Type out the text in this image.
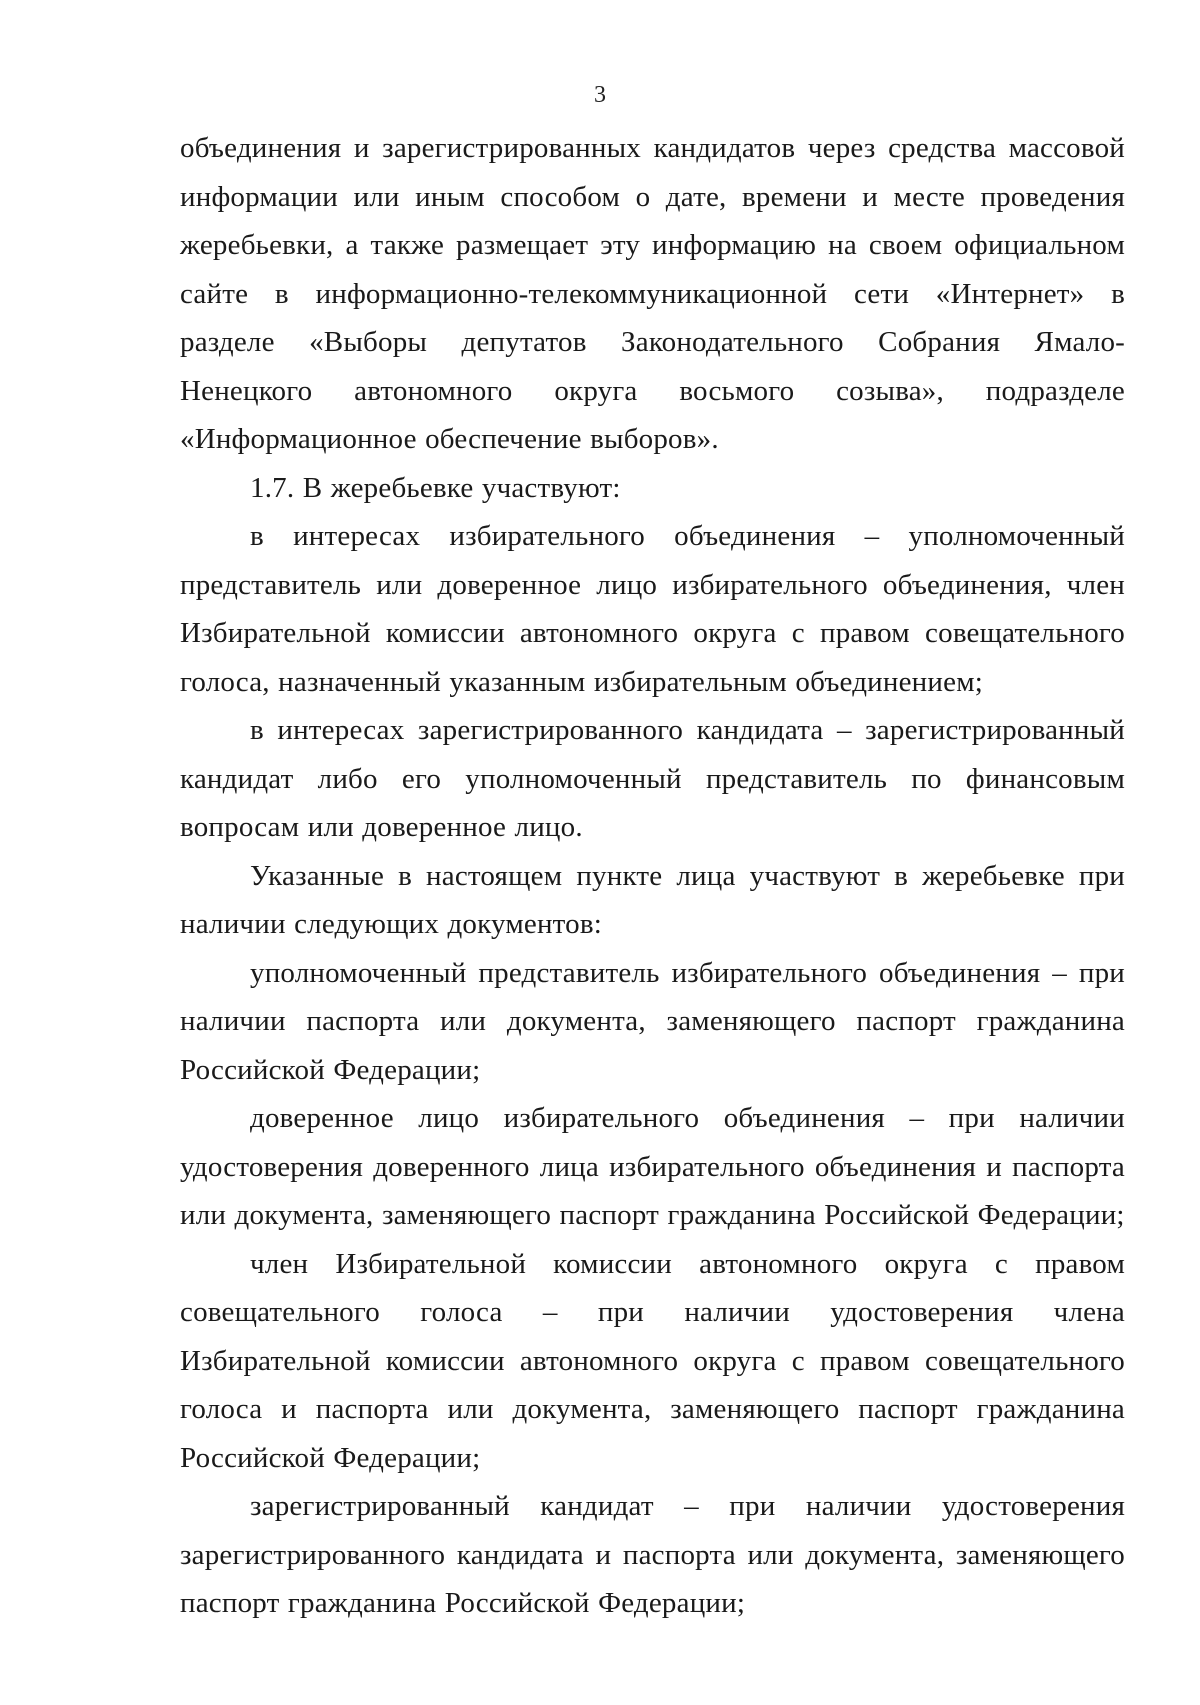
3

объединения и зарегистрированных кандидатов через средства массовой информации или иным способом о дате, времени и месте проведения жеребьевки, а также размещает эту информацию на своем официальном сайте в информационно-телекоммуникационной сети «Интернет» в разделе «Выборы депутатов Законодательного Собрания Ямало-Ненецкого автономного округа восьмого созыва», подразделе «Информационное обеспечение выборов».

1.7. В жеребьевке участвуют:

в интересах избирательного объединения – уполномоченный представитель или доверенное лицо избирательного объединения, член Избирательной комиссии автономного округа с правом совещательного голоса, назначенный указанным избирательным объединением;

в интересах зарегистрированного кандидата – зарегистрированный кандидат либо его уполномоченный представитель по финансовым вопросам или доверенное лицо.

Указанные в настоящем пункте лица участвуют в жеребьевке при наличии следующих документов:

уполномоченный представитель избирательного объединения – при наличии паспорта или документа, заменяющего паспорт гражданина Российской Федерации;

доверенное лицо избирательного объединения – при наличии удостоверения доверенного лица избирательного объединения и паспорта или документа, заменяющего паспорт гражданина Российской Федерации;

член Избирательной комиссии автономного округа с правом совещательного голоса – при наличии удостоверения члена Избирательной комиссии автономного округа с правом совещательного голоса и паспорта или документа, заменяющего паспорт гражданина Российской Федерации;

зарегистрированный кандидат – при наличии удостоверения зарегистрированного кандидата и паспорта или документа, заменяющего паспорт гражданина Российской Федерации;
